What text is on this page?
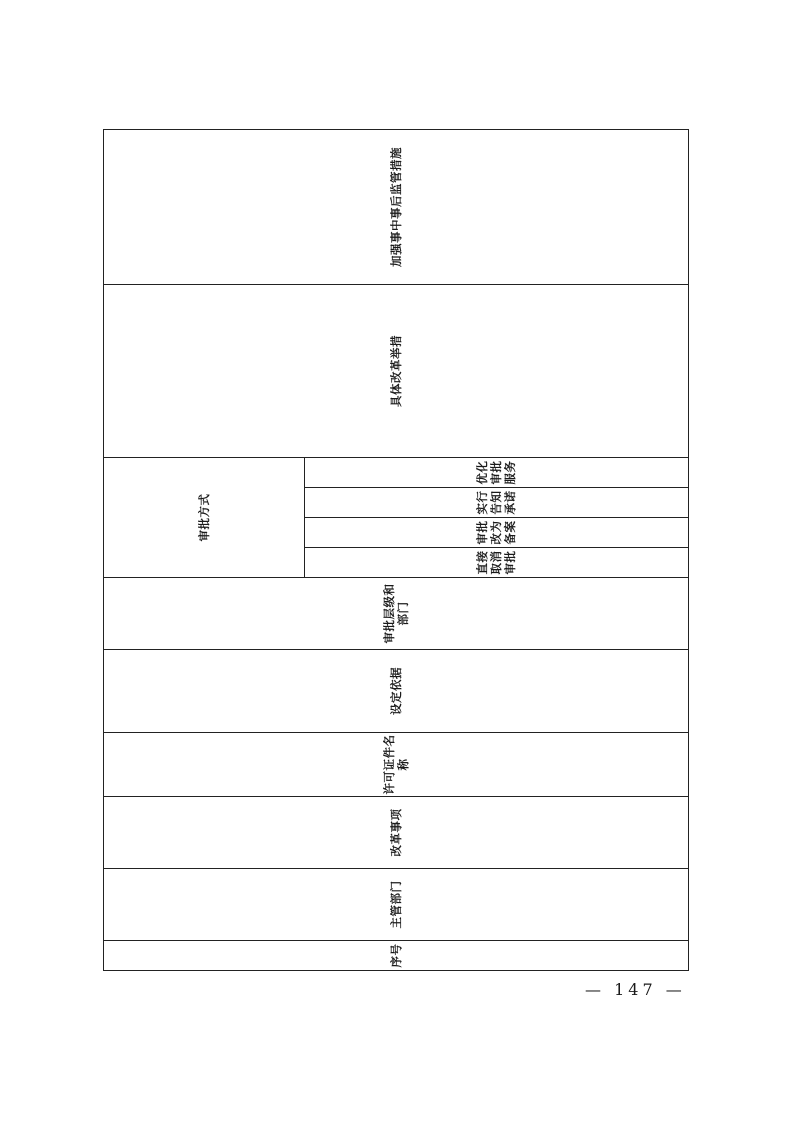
序号	主管部门	改革事项	许可证件名称	设定依据	审批层级和部门	审批方式				具体改革举措	加强事中事后监管措施
						直接取消审批	审批改为备案	实行告知承诺	优化审批服务		
— 147 —
